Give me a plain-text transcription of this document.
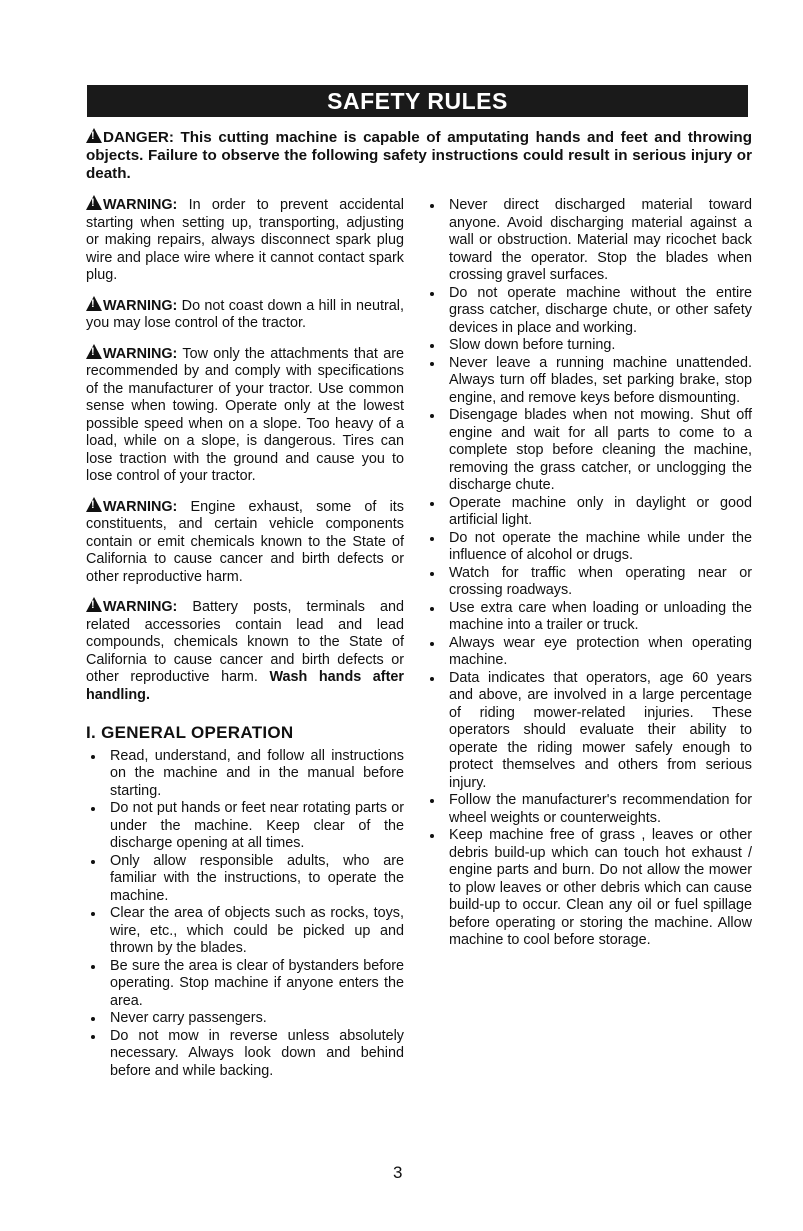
SAFETY RULES
!DANGER: This cutting machine is capable of amputating hands and feet and throwing objects. Failure to observe the following safety instructions could result in serious injury or death.

!WARNING: In order to prevent accidental starting when setting up, transporting, adjusting or making repairs, always disconnect spark plug wire and place wire where it cannot contact spark plug.

!WARNING: Do not coast down a hill in neutral, you may lose control of the tractor.

!WARNING: Tow only the attachments that are recommended by and comply with specifications of the manufacturer of your tractor. Use common sense when towing. Operate only at the lowest possible speed when on a slope. Too heavy of a load, while on a slope, is dangerous. Tires can lose traction with the ground and cause you to lose control of your tractor.

!WARNING: Engine exhaust, some of its constituents, and certain vehicle components contain or emit chemicals known to the State of California to cause cancer and birth defects or other reproductive harm.

!WARNING: Battery posts, terminals and related accessories contain lead and lead compounds, chemicals known to the State of California to cause cancer and birth defects or other reproductive harm. Wash hands after handling.

I. GENERAL OPERATION
Read, understand, and follow all instructions on the machine and in the manual before starting.
Do not put hands or feet near rotating parts or under the machine. Keep clear of the discharge opening at all times.
Only allow responsible adults, who are familiar with the instructions, to operate the machine.
Clear the area of objects such as rocks, toys, wire, etc., which could be picked up and thrown by the blades.
Be sure the area is clear of bystanders before operating. Stop machine if anyone enters the area.
Never carry passengers.
Do not mow in reverse unless absolutely necessary. Always look down and behind before and while backing.
Never direct discharged material toward anyone. Avoid discharging material against a wall or obstruction. Material may ricochet back toward the operator. Stop the blades when crossing gravel surfaces.
Do not operate machine without the entire grass catcher, discharge chute, or other safety devices in place and working.
Slow down before turning.
Never leave a running machine unattended. Always turn off blades, set parking brake, stop engine, and remove keys before dismounting.
Disengage blades when not mowing. Shut off engine and wait for all parts to come to a complete stop before cleaning the machine, removing the grass catcher, or unclogging the discharge chute.
Operate machine only in daylight or good artificial light.
Do not operate the machine while under the influence of alcohol or drugs.
Watch for traffic when operating near or crossing roadways.
Use extra care when loading or unloading the machine into a trailer or truck.
Always wear eye protection when operating machine.
Data indicates that operators, age 60 years and above, are involved in a large percentage of riding mower-related injuries. These operators should evaluate their ability to operate the riding mower safely enough to protect themselves and others from serious injury.
Follow the manufacturer's recommendation for wheel weights or counterweights.
Keep machine free of grass , leaves or other debris build-up which can touch hot exhaust / engine parts and burn. Do not allow the mower to plow leaves or other debris which can cause build-up to occur. Clean any oil or fuel spillage before operating or storing the machine. Allow machine to cool before storage.
3
